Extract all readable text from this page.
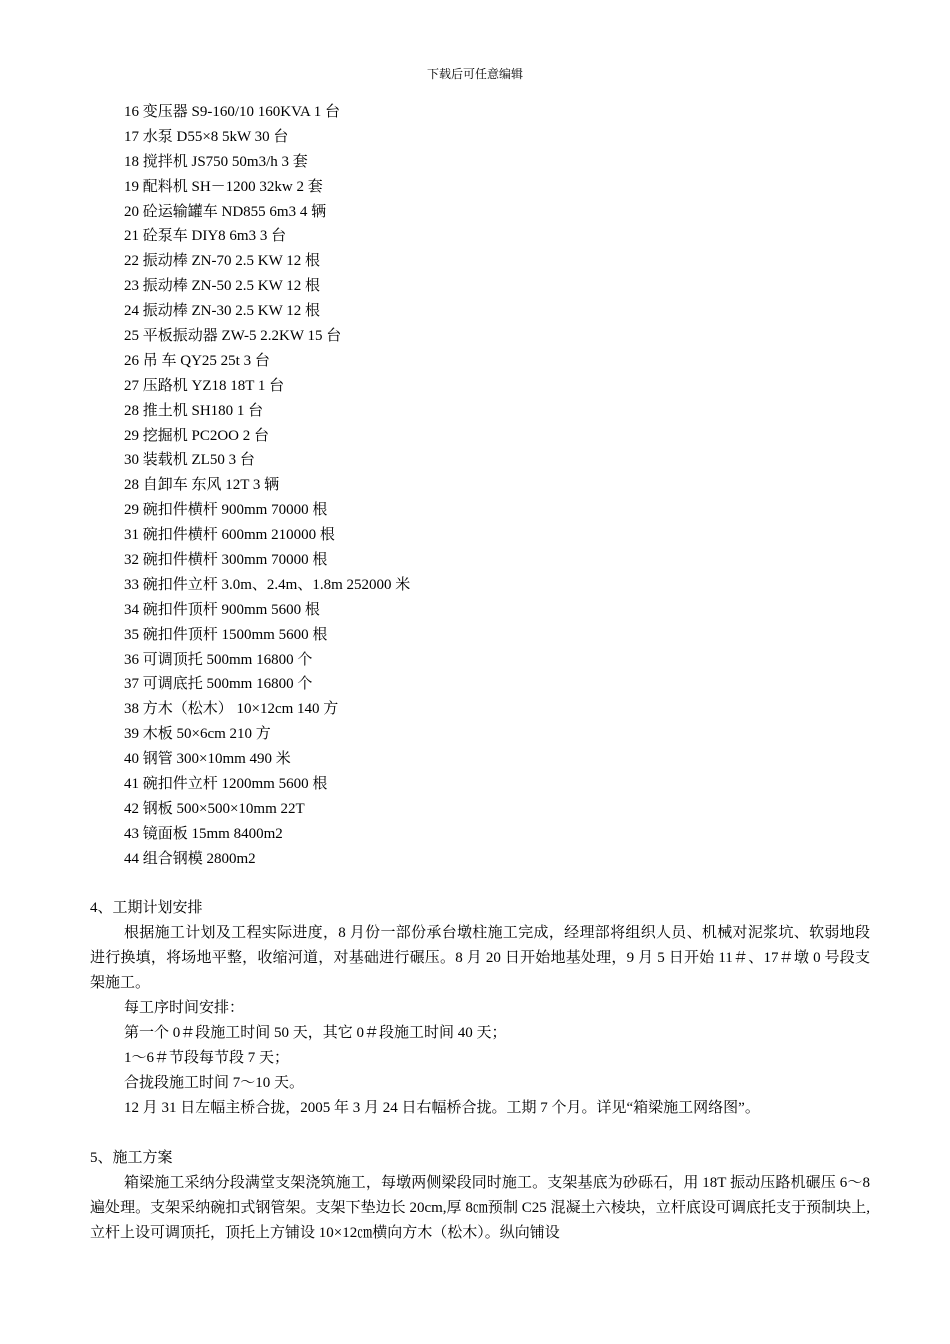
下载后可任意编辑
16 变压器 S9-160/10 160KVA 1 台
17 水泵 D55×8 5kW 30 台
18 搅拌机 JS750 50m3/h 3 套
19 配料机 SH－1200 32kw 2 套
20 砼运输罐车 ND855 6m3 4 辆
21 砼泵车 DIY8 6m3 3 台
22 振动棒 ZN-70 2.5 KW 12 根
23 振动棒 ZN-50 2.5 KW 12 根
24 振动棒 ZN-30 2.5 KW 12 根
25 平板振动器 ZW-5 2.2KW 15 台
26 吊 车 QY25 25t 3 台
27 压路机 YZ18 18T 1 台
28 推土机 SH180 1 台
29 挖掘机 PC2OO 2 台
30 装载机 ZL50 3 台
28 自卸车 东风 12T 3 辆
29 碗扣件横杆 900mm 70000 根
31 碗扣件横杆 600mm 210000 根
32 碗扣件横杆 300mm 70000 根
33 碗扣件立杆 3.0m、2.4m、1.8m 252000 米
34 碗扣件顶杆 900mm 5600 根
35 碗扣件顶杆 1500mm 5600 根
36 可调顶托 500mm 16800 个
37 可调底托 500mm 16800 个
38 方木（松木） 10×12cm 140 方
39 木板 50×6cm 210 方
40 钢管 300×10mm 490 米
41 碗扣件立杆 1200mm 5600 根
42 钢板 500×500×10mm 22T
43 镜面板 15mm 8400m2
44 组合钢模 2800m2
4、工期计划安排
根据施工计划及工程实际进度，8 月份一部份承台墩柱施工完成，经理部将组织人员、机械对泥浆坑、软弱地段进行换填，将场地平整，收缩河道，对基础进行碾压。8 月 20 日开始地基处理，9 月 5 日开始 11＃、17＃墩 0 号段支架施工。
每工序时间安排：
第一个 0＃段施工时间 50 天，其它 0＃段施工时间 40 天；
1～6＃节段每节段 7 天；
合拢段施工时间 7～10 天。
12 月 31 日左幅主桥合拢，2005 年 3 月 24 日右幅桥合拢。工期 7 个月。详见“箱梁施工网络图”。
5、施工方案
箱梁施工采纳分段满堂支架浇筑施工，每墩两侧梁段同时施工。支架基底为砂砾石，用 18T 振动压路机碾压 6～8 遍处理。支架采纳碗扣式钢管架。支架下垫边长 20cm,厚 8㎝预制 C25 混凝土六棱块，立杆底设可调底托支于预制块上,立杆上设可调顶托，顶托上方铺设 10×12㎝横向方木（松木）。纵向铺设
